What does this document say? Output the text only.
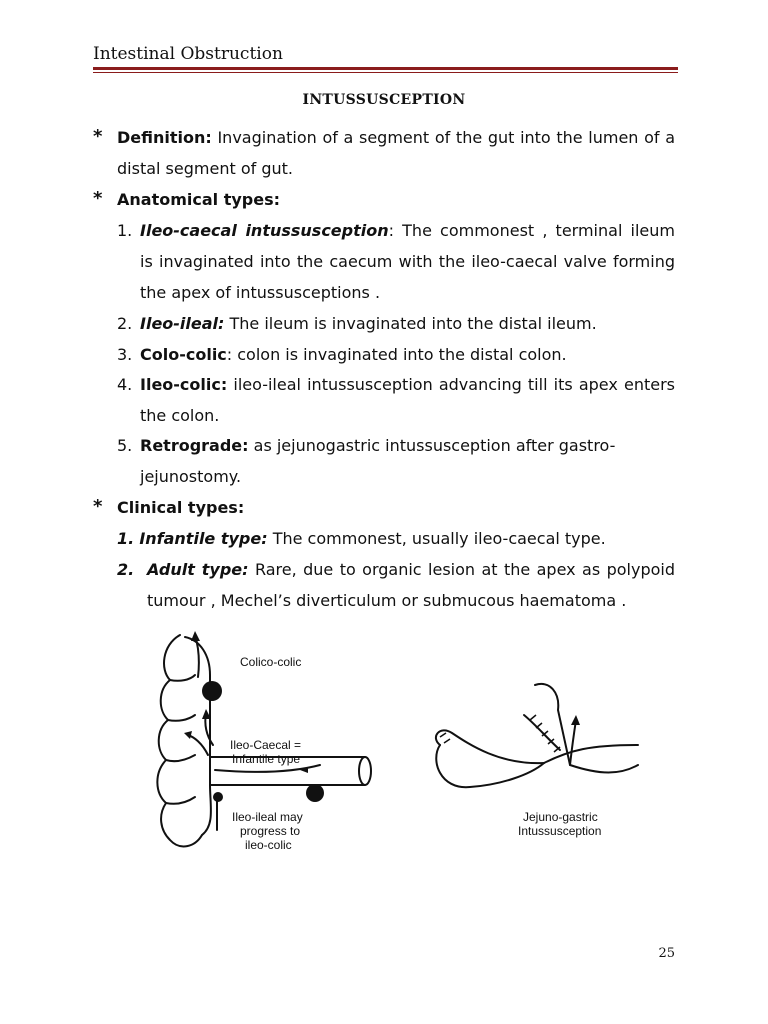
Intestinal Obstruction
INTUSSUSCEPTION
* Definition: Invagination of a segment of the gut into the lumen of a
distal segment of gut.
* Anatomical types:
1. Ileo-caecal intussusception: The commonest , terminal ileum
is invaginated into the caecum with the ileo-caecal valve forming
the apex of intussusceptions .
2. Ileo-ileal: The ileum is invaginated into the distal ileum.
3. Colo-colic: colon is invaginated into the distal colon.
4. Ileo-colic: ileo-ileal intussusception advancing till its apex enters
the colon.
5. Retrograde: as jejunogastric intussusception after gastro-
jejunostomy.
* Clinical types:
1. Infantile type: The commonest, usually ileo-caecal type.
2. Adult type: Rare, due to organic lesion at the apex as polypoid
tumour , Mechel’s diverticulum or submucous haematoma .
Colico-colic
Ileo-Caecal =
Infantile type
Ileo-ileal may
progress to
ileo-colic
Jejuno-gastric
Intussusception
25
